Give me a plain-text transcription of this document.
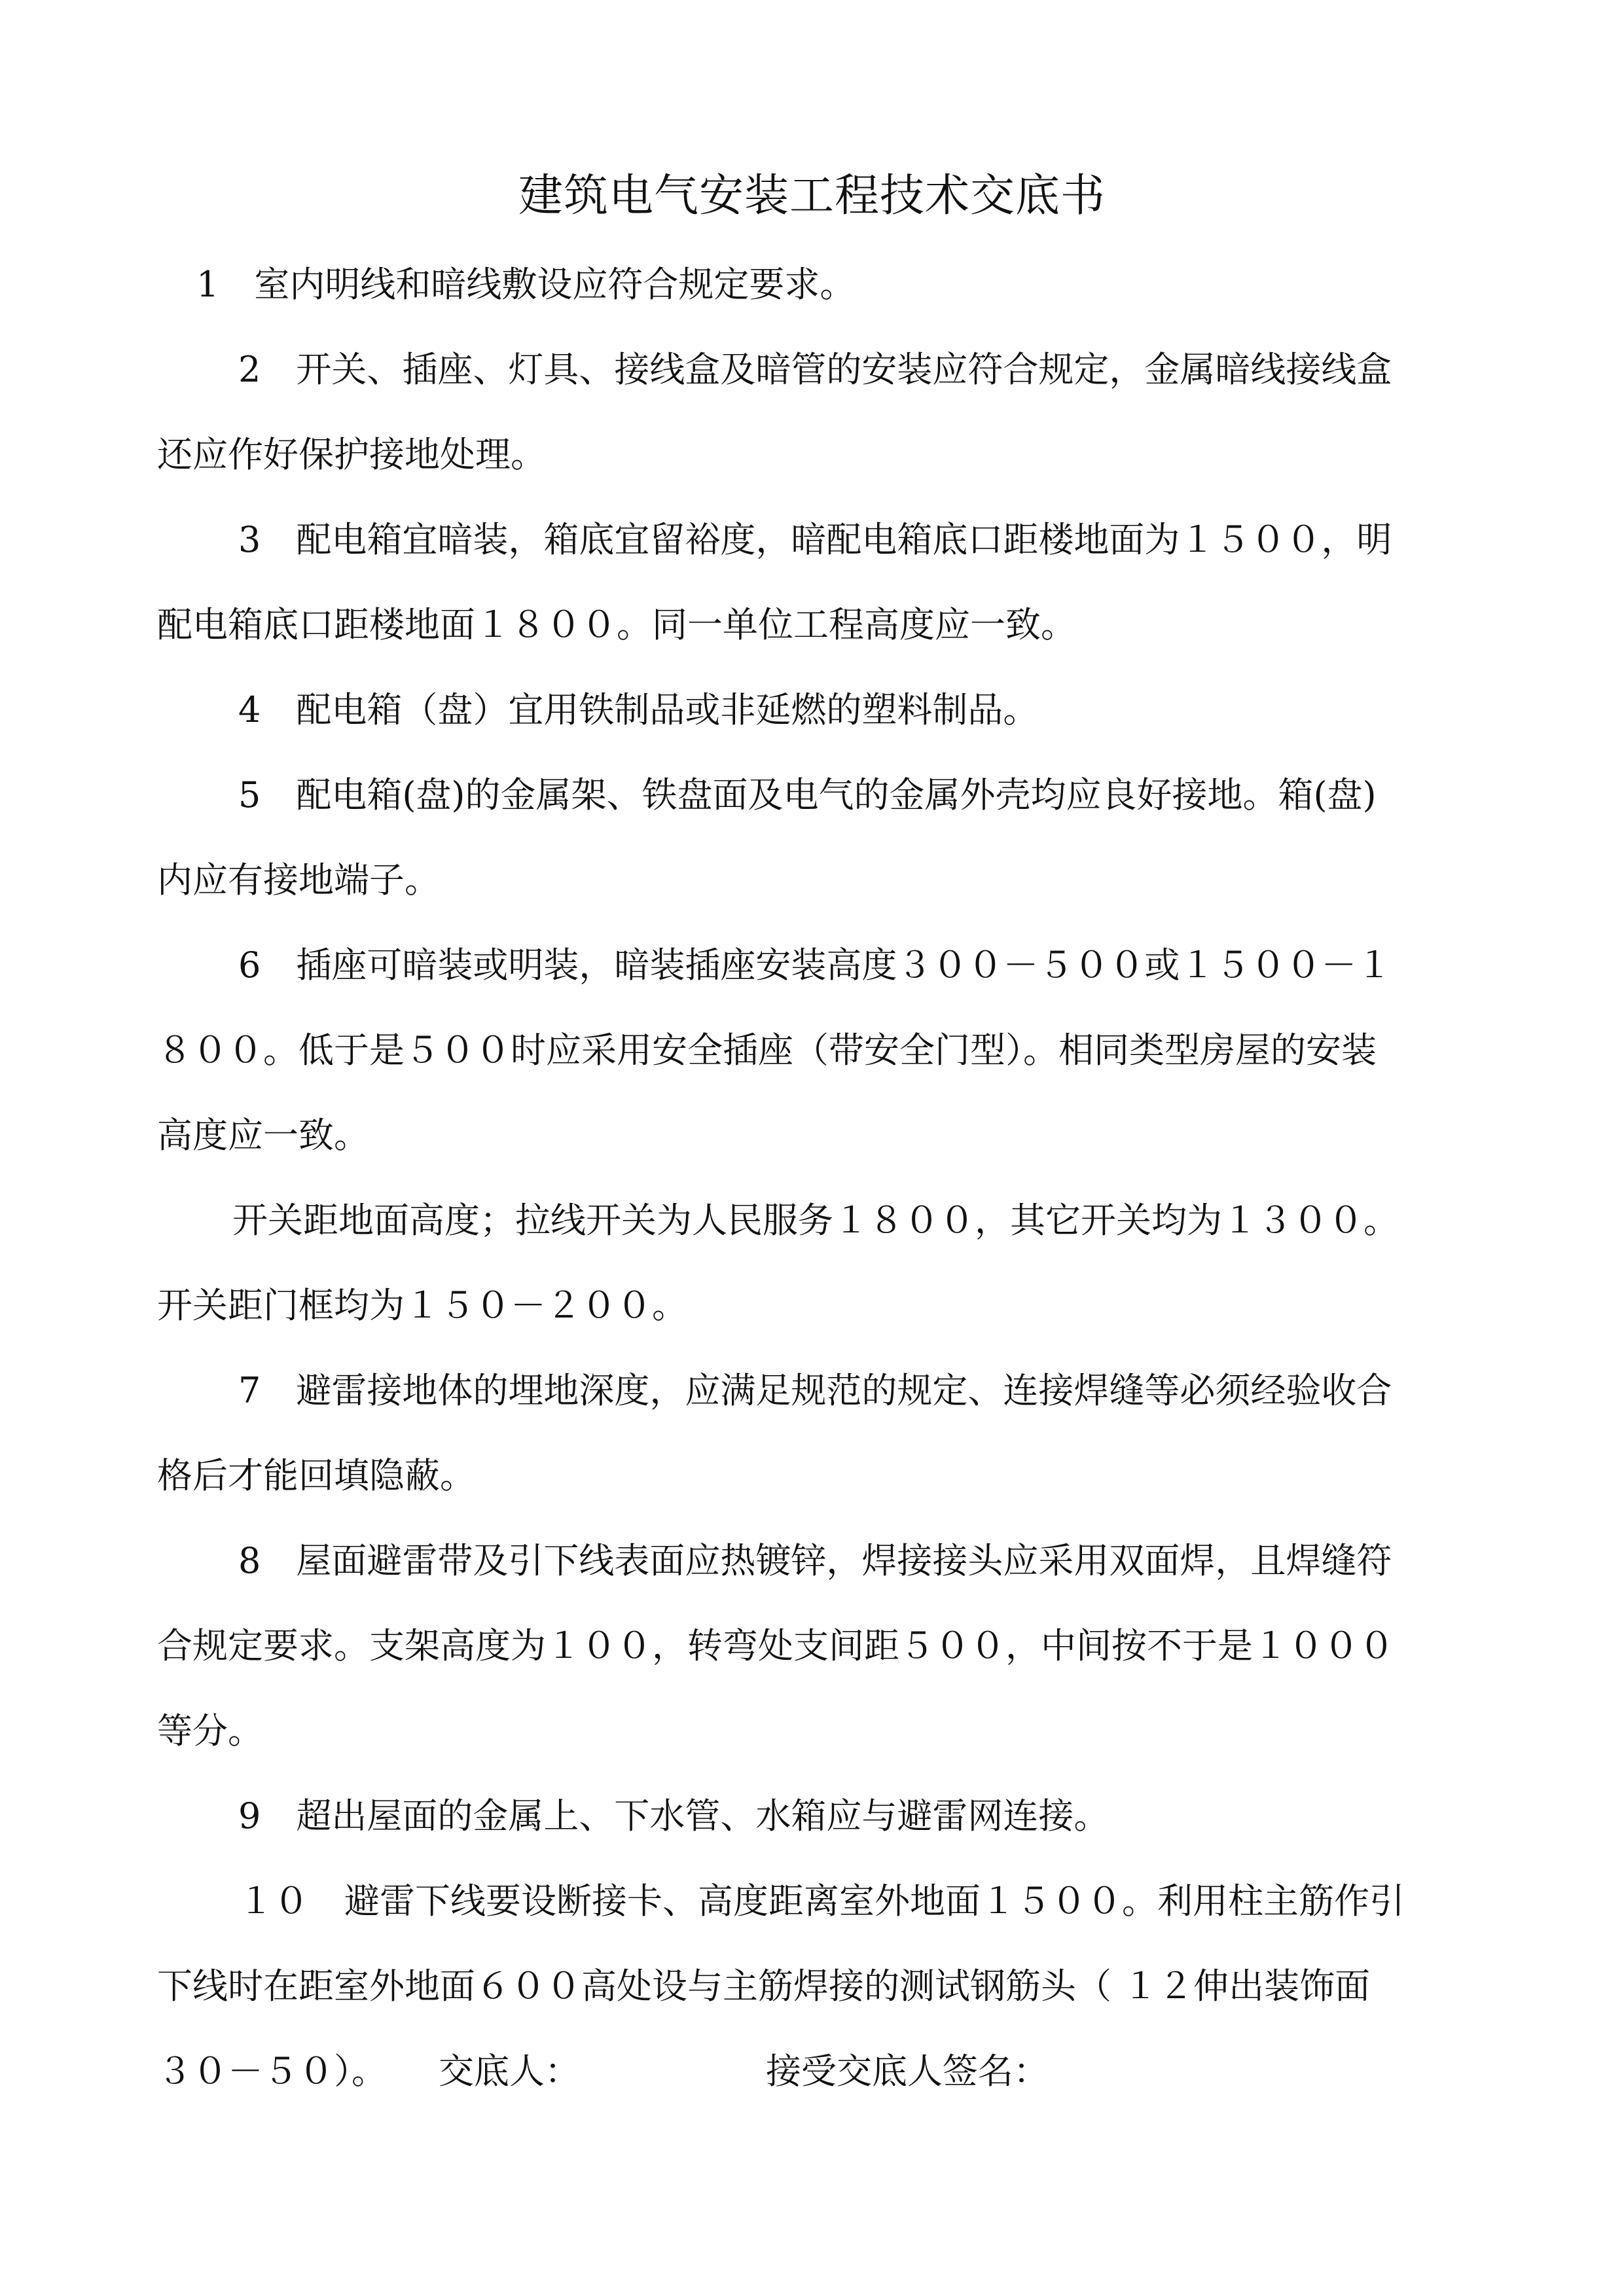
建筑电气安装工程技术交底书

1　室内明线和暗线敷设应符合规定要求。

　2　开关、插座、灯具、接线盒及暗管的安装应符合规定，金属暗线接线盒

还应作好保护接地处理。

　3　配电箱宜暗装，箱底宜留裕度，暗配电箱底口距楼地面为１５００，明

配电箱底口距楼地面１８００。同一单位工程高度应一致。

　4　配电箱（盘）宜用铁制品或非延燃的塑料制品。

　5　配电箱(盘)的金属架、铁盘面及电气的金属外壳均应良好接地。箱(盘)

内应有接地端子。

　6　插座可暗装或明装，暗装插座安装高度３００－５００或１５００－１

８００。低于是５００时应采用安全插座（带安全门型）。相同类型房屋的安装

高度应一致。

开关距地面高度；拉线开关为人民服务１８００，其它开关均为１３００。

开关距门框均为１５０－２００。

　7　避雷接地体的埋地深度，应满足规范的规定、连接焊缝等必须经验收合

格后才能回填隐蔽。

　8　屋面避雷带及引下线表面应热镀锌，焊接接头应采用双面焊，且焊缝符

合规定要求。支架高度为１００，转弯处支间距５００，中间按不于是１０００

等分。

　9　超出屋面的金属上、下水管、水箱应与避雷网连接。

　１０　避雷下线要设断接卡、高度距离室外地面１５００。利用柱主筋作引

下线时在距室外地面６００高处设与主筋焊接的测试钢筋头（ １２伸出装饰面

３０－５０）。	交底人：	接受交底人签名：
